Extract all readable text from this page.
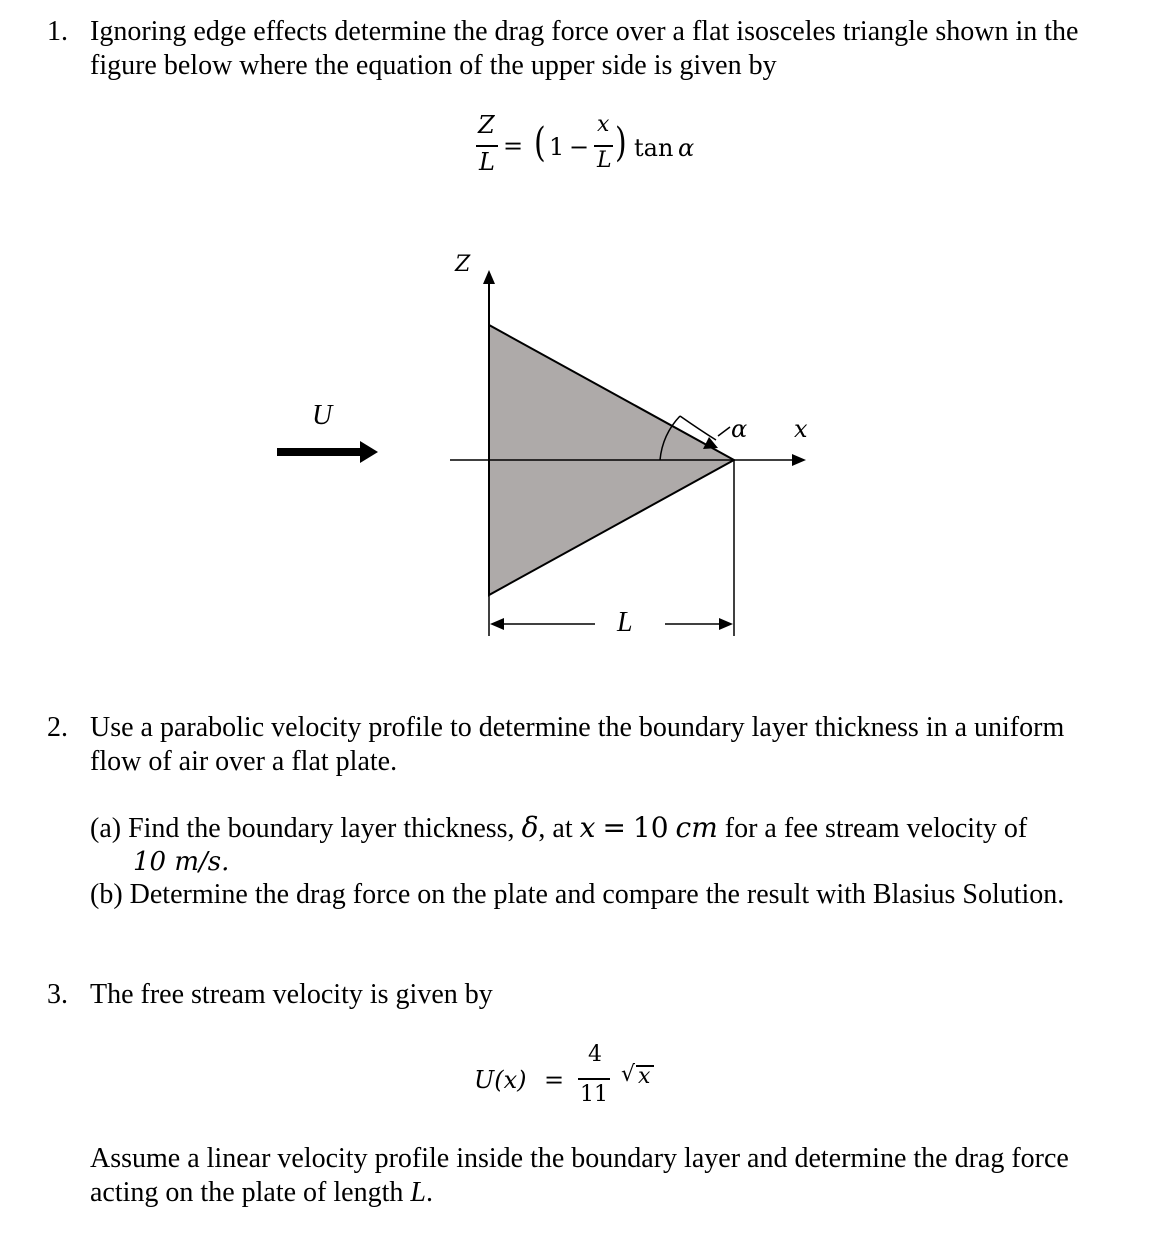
1. Ignoring edge effects determine the drag force over a flat isosceles triangle shown in the
figure below where the equation of the upper side is given by
Z
L
= ( 1 −
x
L ) tan α
Z
U	α x
L
2. Use a parabolic velocity profile to determine the boundary layer thickness in a uniform
flow of air over a flat plate.
(a) Find the boundary layer thickness, δ, at x = 10 cm for a fee stream velocity of
10 m/s.
(b) Determine the drag force on the plate and compare the result with Blasius Solution.
3. The free stream velocity is given by
U(x) =
4
11
√ x
Assume a linear velocity profile inside the boundary layer and determine the drag force
acting on the plate of length L.
